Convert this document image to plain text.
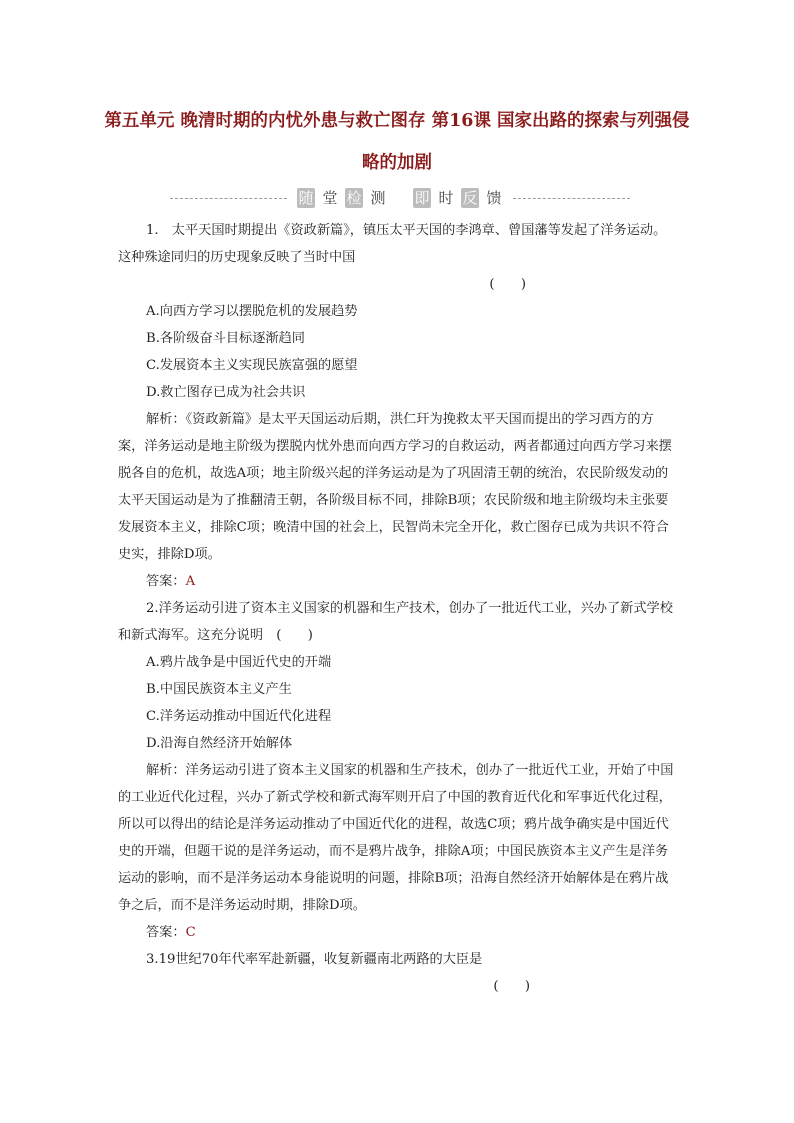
第五单元 晚清时期的内忧外患与救亡图存 第16课 国家出路的探索与列强侵略的加剧
随 堂 检 测 即 时 反 馈

1.　太平天国时期提出《资政新篇》，镇压太平天国的李鸿章、曾国藩等发起了洋务运动。这种殊途同归的历史现象反映了当时中国

(　　)

A.向西方学习以摆脱危机的发展趋势

B.各阶级奋斗目标逐渐趋同

C.发展资本主义实现民族富强的愿望

D.救亡图存已成为社会共识

解析：《资政新篇》是太平天国运动后期，洪仁玕为挽救太平天国而提出的学习西方的方案，洋务运动是地主阶级为摆脱内忧外患而向西方学习的自救运动，两者都通过向西方学习来摆脱各自的危机，故选A项；地主阶级兴起的洋务运动是为了巩固清王朝的统治，农民阶级发动的太平天国运动是为了推翻清王朝，各阶级目标不同，排除B项；农民阶级和地主阶级均未主张要发展资本主义，排除C项；晚清中国的社会上，民智尚未完全开化，救亡图存已成为共识不符合史实，排除D项。

答案：A

2.洋务运动引进了资本主义国家的机器和生产技术，创办了一批近代工业，兴办了新式学校和新式海军。这充分说明　(　　)

A.鸦片战争是中国近代史的开端

B.中国民族资本主义产生

C.洋务运动推动中国近代化进程

D.沿海自然经济开始解体

解析：洋务运动引进了资本主义国家的机器和生产技术，创办了一批近代工业，开始了中国的工业近代化过程，兴办了新式学校和新式海军则开启了中国的教育近代化和军事近代化过程，所以可以得出的结论是洋务运动推动了中国近代化的进程，故选C项；鸦片战争确实是中国近代史的开端，但题干说的是洋务运动，而不是鸦片战争，排除A项；中国民族资本主义产生是洋务运动的影响，而不是洋务运动本身能说明的问题，排除B项；沿海自然经济开始解体是在鸦片战争之后，而不是洋务运动时期，排除D项。

答案：C

3.19世纪70年代率军赴新疆，收复新疆南北两路的大臣是

(　　)
